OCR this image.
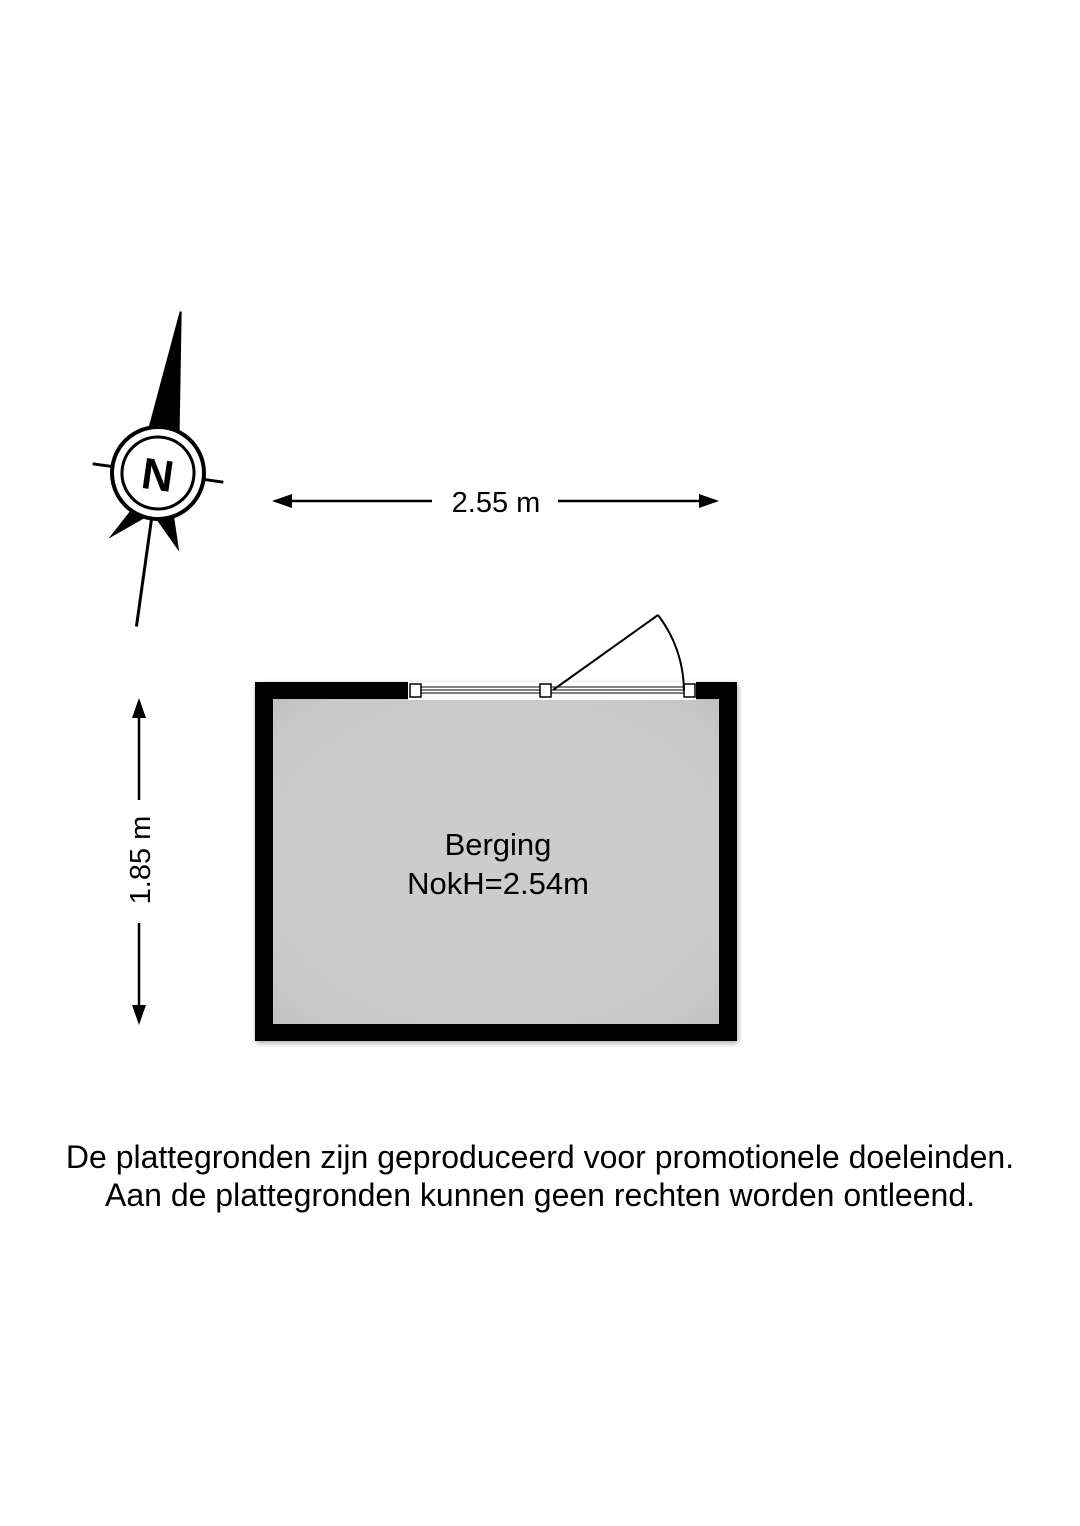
N
2.55 m
1.85 m	Berging
NokH=2.54m
De plattegronden zijn geproduceerd voor promotionele doeleinden.
Aan de plattegronden kunnen geen rechten worden ontleend.
